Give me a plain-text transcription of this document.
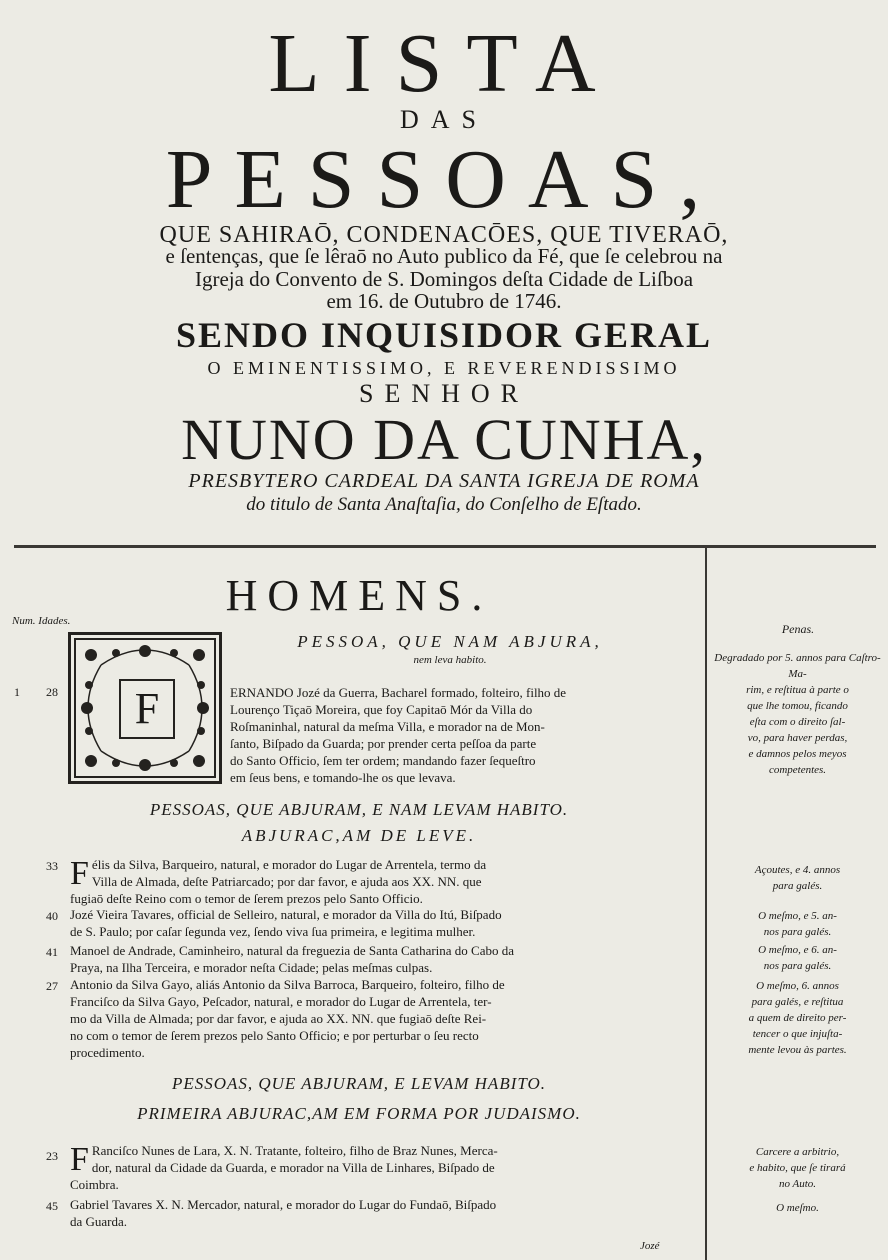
LISTA
DAS
PESSOAS,
QUE SAHIRAŌ, CONDENACŌES, QUE TIVERAŌ,
e ſentenças, que ſe lêraō no Auto publico da Fé, que ſe celebrou na
Igreja do Convento de S. Domingos deſta Cidade de Liſboa
em 16. de Outubro de 1746.
SENDO INQUISIDOR GERAL
O EMINENTISSIMO, E REVERENDISSIMO
SENHOR
NUNO DA CUNHA,
PRESBYTERO CARDEAL DA SANTA IGREJA DE ROMA
do titulo de Santa Anaſtaſia, do Conſelho de Eſtado.
HOMENS.
Num. Idades.
Penas.
F
PESSOA, QUE NAM ABJURA,
nem leva habito.
1 28	ERNANDO Jozé da Guerra, Bacharel formado, folteiro, filho de
Lourenço Tiçaō Moreira, que foy Capitaō Mór da Villa do
Roſmaninhal, natural da meſma Villa, e morador na de Mon-
ſanto, Biſpado da Guarda; por prender certa peſſoa da parte
do Santo Officio, ſem ter ordem; mandando fazer ſequeſtro
em ſeus bens, e tomando-lhe os que levava.
PESSOAS, QUE ABJURAM, E NAM LEVAM HABITO.
ABJURAC,AM DE LEVE.
33 F élis da Silva, Barqueiro, natural, e morador do Lugar de Arrentela, termo da
Villa de Almada, deſte Patriarcado; por dar favor, e ajuda aos XX. NN. que
fugiaō deſte Reino com o temor de ſerem prezos pelo Santo Officio.
40 Jozé Vieira Tavares, official de Selleiro, natural, e morador da Villa do Itú, Biſpado
de S. Paulo; por caſar ſegunda vez, ſendo viva ſua primeira, e legitima mulher.
41 Manoel de Andrade, Caminheiro, natural da freguezia de Santa Catharina do Cabo da
Praya, na Ilha Terceira, e morador neſta Cidade; pelas meſmas culpas.
27 Antonio da Silva Gayo, aliás Antonio da Silva Barroca, Barqueiro, folteiro, filho de
Franciſco da Silva Gayo, Peſcador, natural, e morador do Lugar de Arrentela, ter-
mo da Villa de Almada; por dar favor, e ajuda ao XX. NN. que fugiaō deſte Rei-
no com o temor de ſerem prezos pelo Santo Officio; e por perturbar o ſeu recto
procedimento.
PESSOAS, QUE ABJURAM, E LEVAM HABITO.
PRIMEIRA ABJURAC,AM EM FORMA POR JUDAISMO.
23 F Ranciſco Nunes de Lara, X. N. Tratante, folteiro, filho de Braz Nunes, Merca-
dor, natural da Cidade da Guarda, e morador na Villa de Linhares, Biſpado de
Coimbra.
45 Gabriel Tavares X. N. Mercador, natural, e morador do Lugar do Fundaō, Biſpado
da Guarda.
Degradado por 5. annos para Caſtro-Ma-
rim, e reſtitua à parte o
que lhe tomou, ficando
eſta com o direito ſal-
vo, para haver perdas,
e damnos pelos meyos
competentes.
Açoutes, e 4. annos
para galés.
O meſmo, e 5. an-
nos para galés.
O meſmo, e 6. an-
nos para galés.
O meſmo, 6. annos
para galés, e reſtitua
a quem de direito per-
tencer o que injuſta-
mente levou às partes.
Carcere a arbitrio,
e habito, que ſe tirará
no Auto.
O meſmo.
Jozé
